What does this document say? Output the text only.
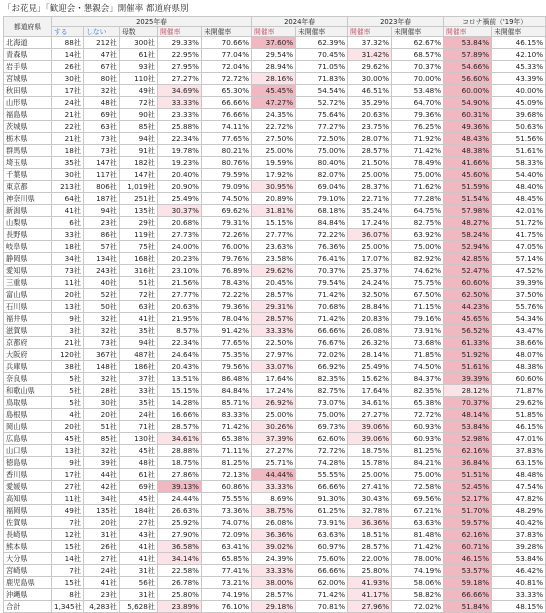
「お花見」「歓迎会・懇親会」開催率 都道府県別
都道府県	2025年春					2024年春		2023年春		コロナ禍前（'19年）	
	する	しない	母数	開催率	未開催率	開催率	未開催率	開催率	未開催率	開催率	未開催率
北海道	88社	212社	300社	29.33%	70.66%	37.60%	62.39%	37.32%	62.67%	53.84%	46.15%
青森県	14社	47社	61社	22.95%	77.04%	29.54%	70.45%	31.42%	68.57%	57.89%	42.10%
岩手県	26社	67社	93社	27.95%	72.04%	28.94%	71.05%	29.62%	70.37%	54.66%	45.33%
宮城県	30社	80社	110社	27.27%	72.72%	28.16%	71.83%	30.00%	70.00%	56.60%	43.39%
秋田県	17社	32社	49社	34.69%	65.30%	45.45%	54.54%	46.51%	53.48%	60.00%	40.00%
山形県	24社	48社	72社	33.33%	66.66%	47.27%	52.72%	35.29%	64.70%	54.90%	45.09%
福島県	21社	69社	90社	23.33%	76.66%	24.35%	75.64%	20.63%	79.36%	60.31%	39.68%
茨城県	22社	63社	85社	25.88%	74.11%	22.72%	77.27%	23.75%	76.25%	49.36%	50.63%
栃木県	21社	73社	94社	22.34%	77.65%	27.50%	72.50%	28.07%	71.92%	48.43%	51.56%
群馬県	18社	73社	91社	19.78%	80.21%	25.00%	75.00%	28.57%	71.42%	48.38%	51.61%
埼玉県	35社	147社	182社	19.23%	80.76%	19.59%	80.40%	21.50%	78.49%	41.66%	58.33%
千葉県	30社	117社	147社	20.40%	79.59%	17.92%	82.07%	25.00%	75.00%	45.60%	54.40%
東京都	213社	806社	1,019社	20.90%	79.09%	30.95%	69.04%	28.37%	71.62%	51.59%	48.40%
神奈川県	64社	187社	251社	25.49%	74.50%	20.89%	79.10%	22.71%	77.28%	51.54%	48.45%
新潟県	41社	94社	135社	30.37%	69.62%	31.81%	68.18%	35.24%	64.75%	57.98%	42.01%
山梨県	6社	23社	29社	20.68%	79.31%	15.15%	84.84%	17.24%	82.75%	48.27%	51.72%
長野県	33社	86社	119社	27.73%	72.26%	27.77%	72.22%	36.07%	63.92%	58.24%	41.75%
岐阜県	18社	57社	75社	24.00%	76.00%	23.63%	76.36%	25.00%	75.00%	52.94%	47.05%
静岡県	34社	134社	168社	20.23%	79.76%	23.58%	76.41%	17.07%	82.92%	42.85%	57.14%
愛知県	73社	243社	316社	23.10%	76.89%	29.62%	70.37%	25.37%	74.62%	52.47%	47.52%
三重県	11社	40社	51社	21.56%	78.43%	20.45%	79.54%	24.24%	75.75%	60.60%	39.39%
富山県	20社	52社	72社	27.77%	72.22%	28.57%	71.42%	32.50%	67.50%	62.50%	37.50%
石川県	13社	50社	63社	20.63%	79.36%	29.31%	70.68%	28.84%	71.15%	44.23%	55.76%
福井県	9社	32社	41社	21.95%	78.04%	28.57%	71.42%	20.83%	79.16%	45.65%	54.34%
滋賀県	3社	32社	35社	8.57%	91.42%	33.33%	66.66%	26.08%	73.91%	56.52%	43.47%
京都府	21社	73社	94社	22.34%	77.65%	22.50%	76.67%	26.32%	73.68%	61.33%	38.66%
大阪府	120社	367社	487社	24.64%	75.35%	27.97%	72.02%	28.14%	71.85%	51.92%	48.07%
兵庫県	38社	148社	186社	20.43%	79.56%	33.07%	66.92%	25.49%	74.50%	51.61%	48.38%
奈良県	5社	32社	37社	13.51%	86.48%	17.64%	82.35%	15.62%	84.37%	39.39%	60.60%
和歌山県	5社	28社	33社	15.15%	84.84%	17.24%	82.75%	17.64%	82.35%	28.12%	71.87%
鳥取県	5社	30社	35社	14.28%	85.71%	26.92%	73.07%	34.61%	65.38%	70.37%	29.62%
島根県	4社	20社	24社	16.66%	83.33%	25.00%	75.00%	27.27%	72.72%	48.14%	51.85%
岡山県	20社	51社	71社	28.57%	71.42%	30.26%	69.73%	39.06%	60.93%	53.84%	46.15%
広島県	45社	85社	130社	34.61%	65.38%	37.39%	62.60%	39.06%	60.93%	52.98%	47.01%
山口県	13社	32社	45社	28.88%	71.11%	27.27%	72.72%	18.75%	81.25%	62.16%	37.83%
徳島県	9社	39社	48社	18.75%	81.25%	25.71%	74.28%	15.78%	84.21%	36.84%	63.15%
香川県	17社	44社	61社	27.86%	72.13%	44.44%	55.55%	25.00%	75.00%	51.51%	48.48%
愛媛県	27社	42社	69社	39.13%	60.86%	33.33%	66.66%	27.41%	72.58%	52.45%	47.54%
高知県	11社	34社	45社	24.44%	75.55%	8.69%	91.30%	30.43%	69.56%	52.17%	47.82%
福岡県	49社	135社	184社	26.63%	73.36%	38.75%	61.25%	32.78%	67.21%	51.70%	48.29%
佐賀県	7社	20社	27社	25.92%	74.07%	26.08%	73.91%	36.36%	63.63%	59.57%	40.42%
長崎県	12社	31社	43社	27.90%	72.09%	36.36%	63.63%	18.51%	81.48%	62.16%	37.83%
熊本県	15社	26社	41社	36.58%	63.41%	39.02%	60.97%	28.57%	71.42%	60.71%	39.28%
大分県	14社	27社	41社	34.14%	65.85%	24.39%	75.60%	22.00%	78.00%	46.15%	53.84%
宮崎県	7社	24社	31社	22.58%	77.41%	33.33%	66.66%	25.80%	74.19%	53.57%	46.42%
鹿児島県	15社	41社	56社	26.78%	73.21%	38.00%	62.00%	41.93%	58.06%	59.18%	40.81%
沖縄県	8社	23社	31社	25.80%	74.19%	28.57%	71.42%	41.17%	58.82%	66.66%	33.33%
合計	1,345社	4,283社	5,628社	23.89%	76.10%	29.18%	70.81%	27.96%	72.02%	51.84%	48.15%
